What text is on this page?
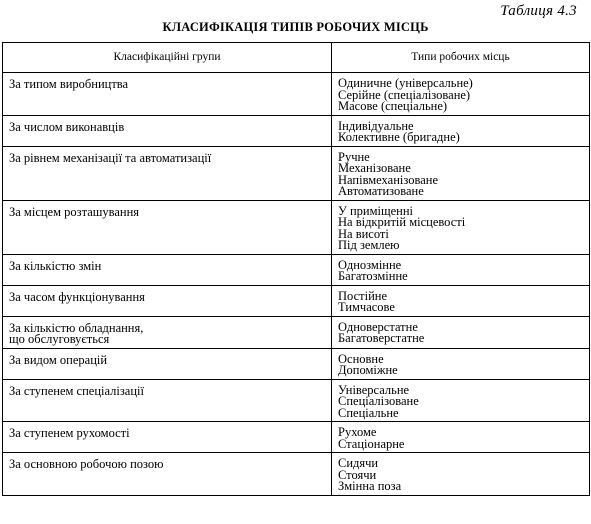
Таблиця 4.3
КЛАСИФІКАЦІЯ ТИПІВ РОБОЧИХ МІСЦЬ
Класифікаційні групи	Типи робочих місць

За типом виробництва	Одиничне (універсальне)
Серійне (спеціалізоване)
Масове (спеціальне)

За числом виконавців	Індивідуальне
Колективне (бригадне)

За рівнем механізації та автоматизації	Ручне
Механізоване
Напівмеханізоване
Автоматизоване

За місцем розташування	У приміщенні
На відкритій місцевості
На висоті
Під землею

За кількістю змін	Однозмінне
Багатозмінне

За часом функціонування	Постійне
Тимчасове

За кількістю обладнання,
що обслуговується	Одноверстатне
Багатоверстатне

За видом операцій	Основне
Допоміжне

За ступенем спеціалізації	Універсальне
Спеціалізоване
Спеціальне

За ступенем рухомості	Рухоме
Стаціонарне

За основною робочою позою	Сидячи
Стоячи
Змінна поза
